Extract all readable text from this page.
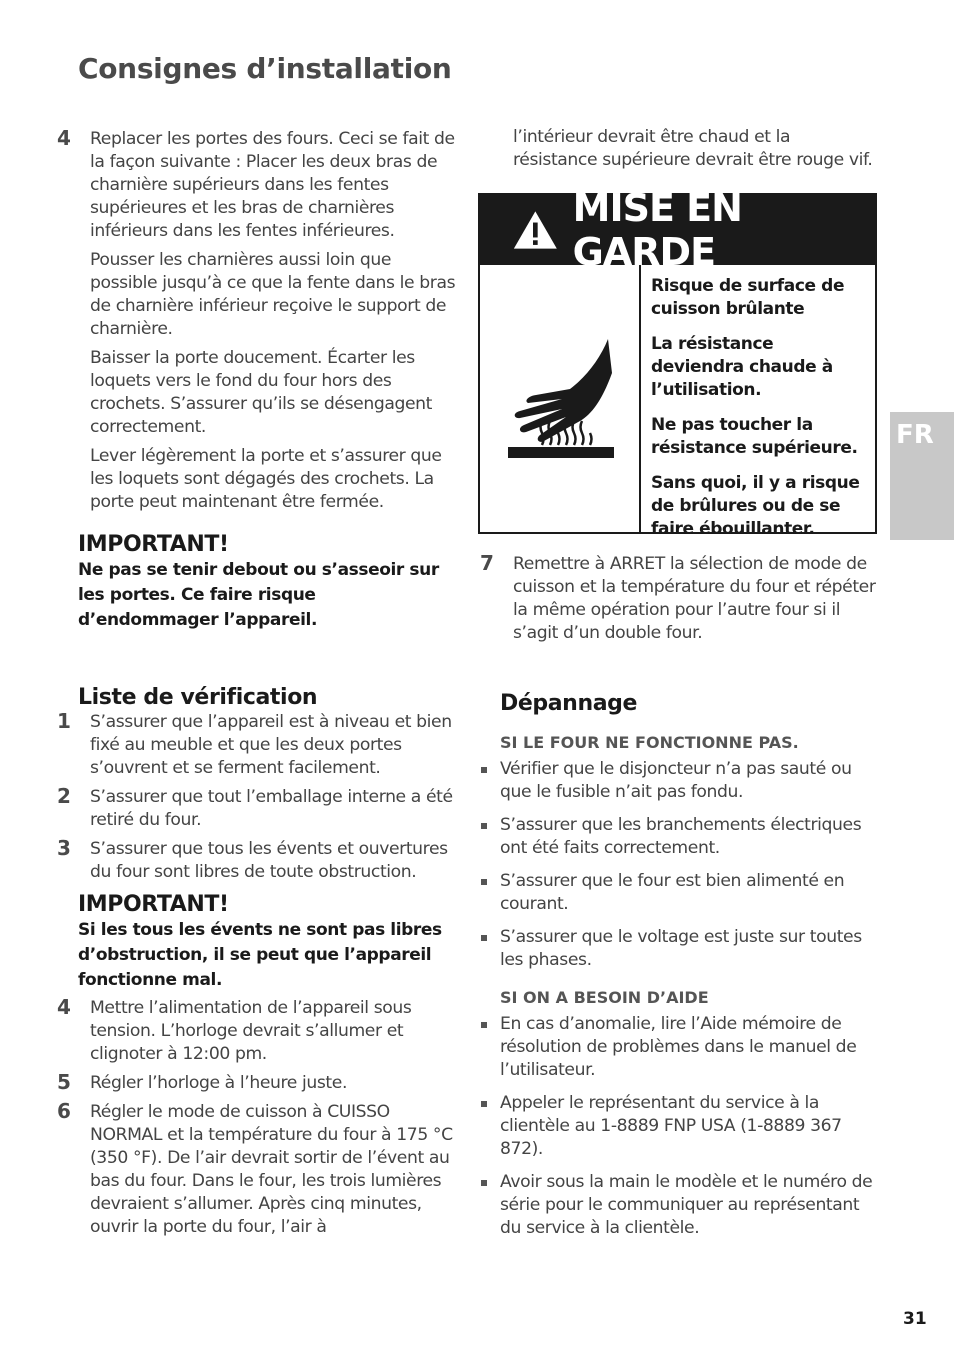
Consignes d’installation
4 Replacer les portes des fours. Ceci se fait de la façon suivante : Placer les deux bras de charnière supérieurs dans les fentes supérieures et les bras de charnières inférieurs dans les fentes inférieures.

Pousser les charnières aussi loin que possible jusqu’à ce que la fente dans le bras de charnière inférieur reçoive le support de charnière.

Baisser la porte doucement. Écarter les loquets vers le fond du four hors des crochets. S’assurer qu’ils se désengagent correctement.

Lever légèrement la porte et s’assurer que les loquets sont dégagés des crochets. La porte peut maintenant être fermée.

IMPORTANT!

Ne pas se tenir debout ou s’asseoir sur les portes. Ce faire risque d’endommager l’appareil.

Liste de vérification
1 S’assurer que l’appareil est à niveau et bien fixé au meuble et que les deux portes s’ouvrent et se ferment facilement.

2 S’assurer que tout l’emballage interne a été retiré du four.

3 S’assurer que tous les évents et ouvertures du four sont libres de toute obstruction.

IMPORTANT!

Si les tous les évents ne sont pas libres d’obstruction, il se peut que l’appareil fonctionne mal.

4 Mettre l’alimentation de l’appareil sous tension. L’horloge devrait s’allumer et clignoter à 12:00 pm.

5 Régler l’horloge à l’heure juste.

6 Régler le mode de cuisson à CUISSO NORMAL et la température du four à 175 °C (350 °F). De l’air devrait sortir de l’évent au bas du four. Dans le four, les trois lumières devraient s’allumer. Après cinq minutes, ouvrir la porte du four, l’air à

l’intérieur devrait être chaud et la résistance supérieure devrait être rouge vif.

MISE EN GARDE

Risque de surface de cuisson brûlante

La résistance deviendra chaude à l’utilisation.

Ne pas toucher la résistance supérieure.

Sans quoi, il y a risque de brûlures ou de se faire ébouillanter.

7 Remettre à ARRET la sélection de mode de cuisson et la température du four et répéter la même opération pour l’autre four si il s’agit d’un double four.

Dépannage

SI LE FOUR NE FONCTIONNE PAS.

Vérifier que le disjoncteur n’a pas sauté ou que le fusible n’ait pas fondu.

S’assurer que les branchements électriques ont été faits correctement.

S’assurer que le four est bien alimenté en courant.

S’assurer que le voltage est juste sur toutes les phases.

SI ON A BESOIN D’AIDE

En cas d’anomalie, lire l’Aide mémoire de résolution de problèmes dans le manuel de l’utilisateur.

Appeler le représentant du service à la clientèle au 1-8889 FNP USA (1-8889 367 872).

Avoir sous la main le modèle et le numéro de série pour le communiquer au représentant du service à la clientèle.

FR
31
